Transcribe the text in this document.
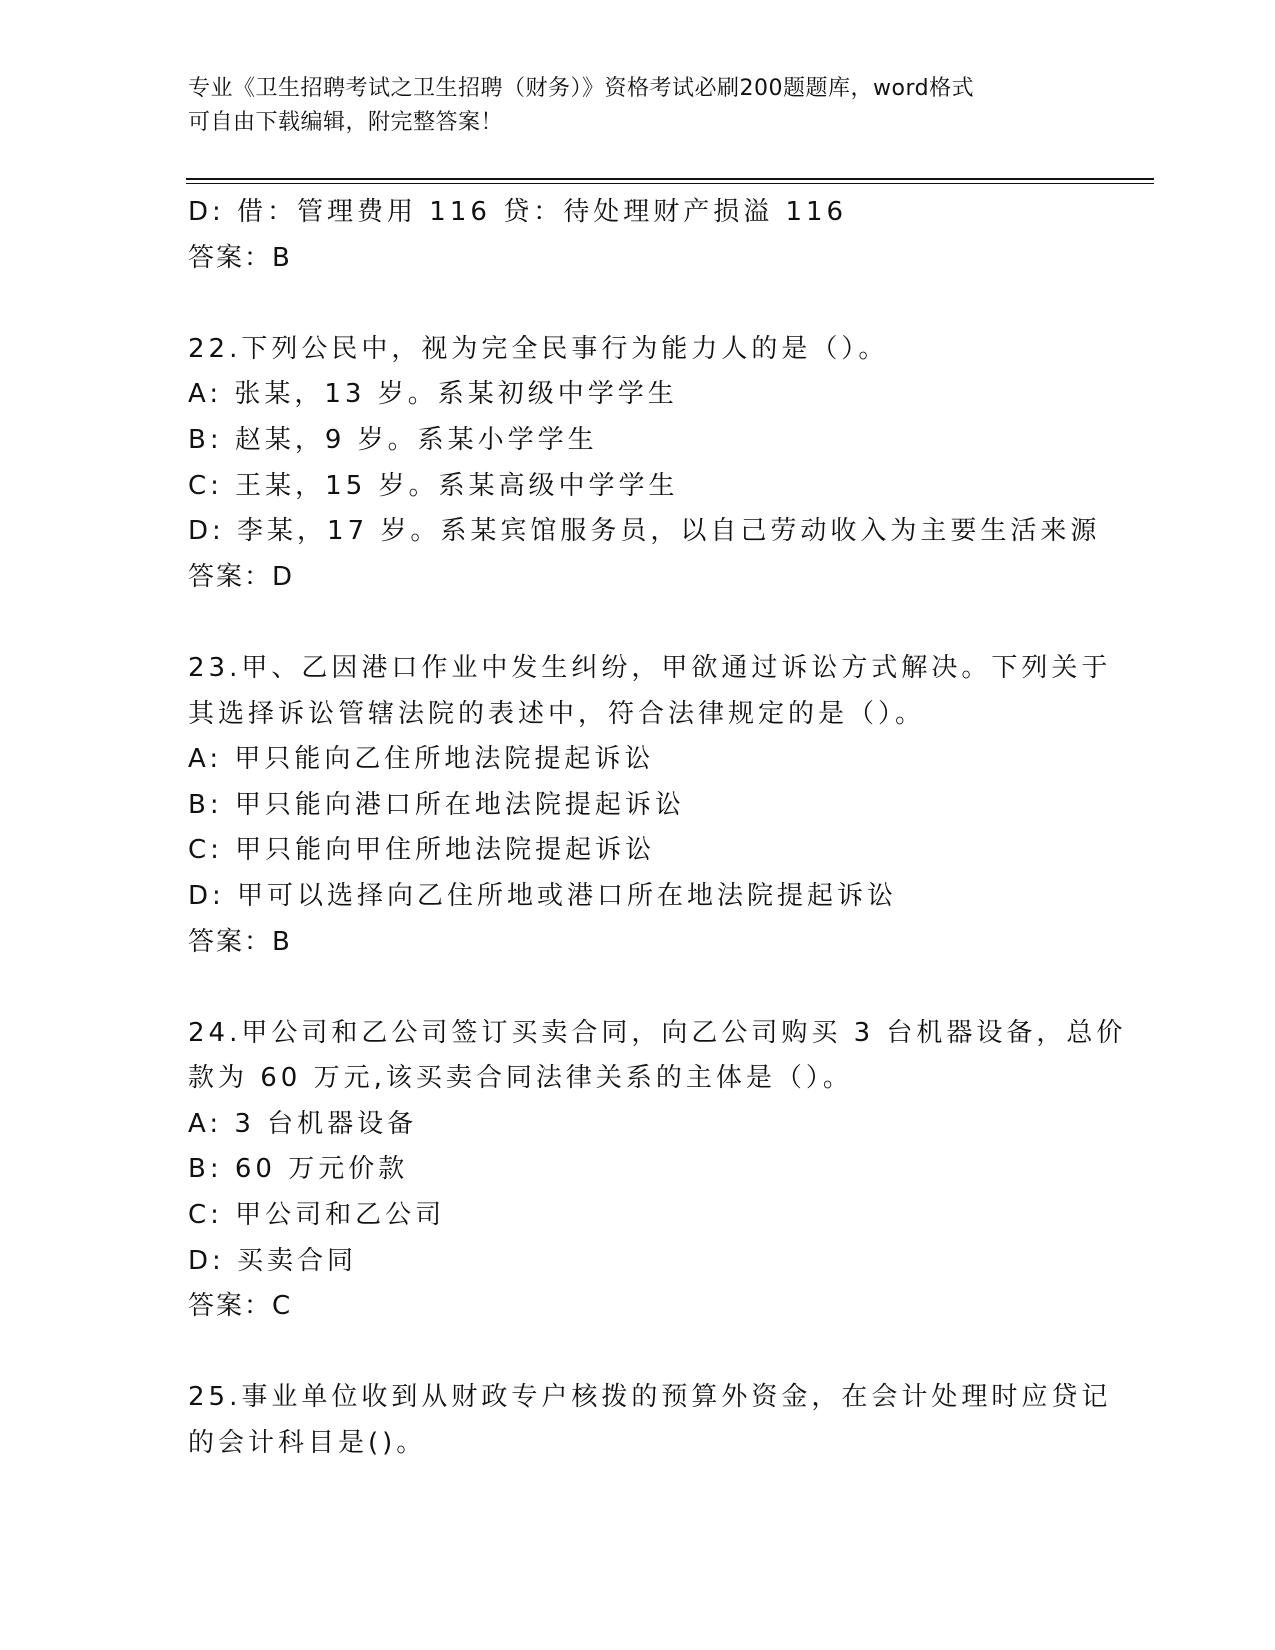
专业《卫生招聘考试之卫生招聘（财务）》资格考试必刷200题题库，word格式
可自由下载编辑，附完整答案！
D: 借：管理费用 116 贷：待处理财产损溢 116
答案：B
22.下列公民中，视为完全民事行为能力人的是（）。
A: 张某，13 岁。系某初级中学学生
B: 赵某，9 岁。系某小学学生
C: 王某，15 岁。系某高级中学学生
D: 李某，17 岁。系某宾馆服务员，以自己劳动收入为主要生活来源
答案：D
23.甲、乙因港口作业中发生纠纷，甲欲通过诉讼方式解决。下列关于
其选择诉讼管辖法院的表述中，符合法律规定的是（）。
A: 甲只能向乙住所地法院提起诉讼
B: 甲只能向港口所在地法院提起诉讼
C: 甲只能向甲住所地法院提起诉讼
D: 甲可以选择向乙住所地或港口所在地法院提起诉讼
答案：B
24.甲公司和乙公司签订买卖合同，向乙公司购买 3 台机器设备，总价
款为 60 万元,该买卖合同法律关系的主体是（）。
A: 3 台机器设备
B: 60 万元价款
C: 甲公司和乙公司
D: 买卖合同
答案：C
25.事业单位收到从财政专户核拨的预算外资金，在会计处理时应贷记
的会计科目是()。
